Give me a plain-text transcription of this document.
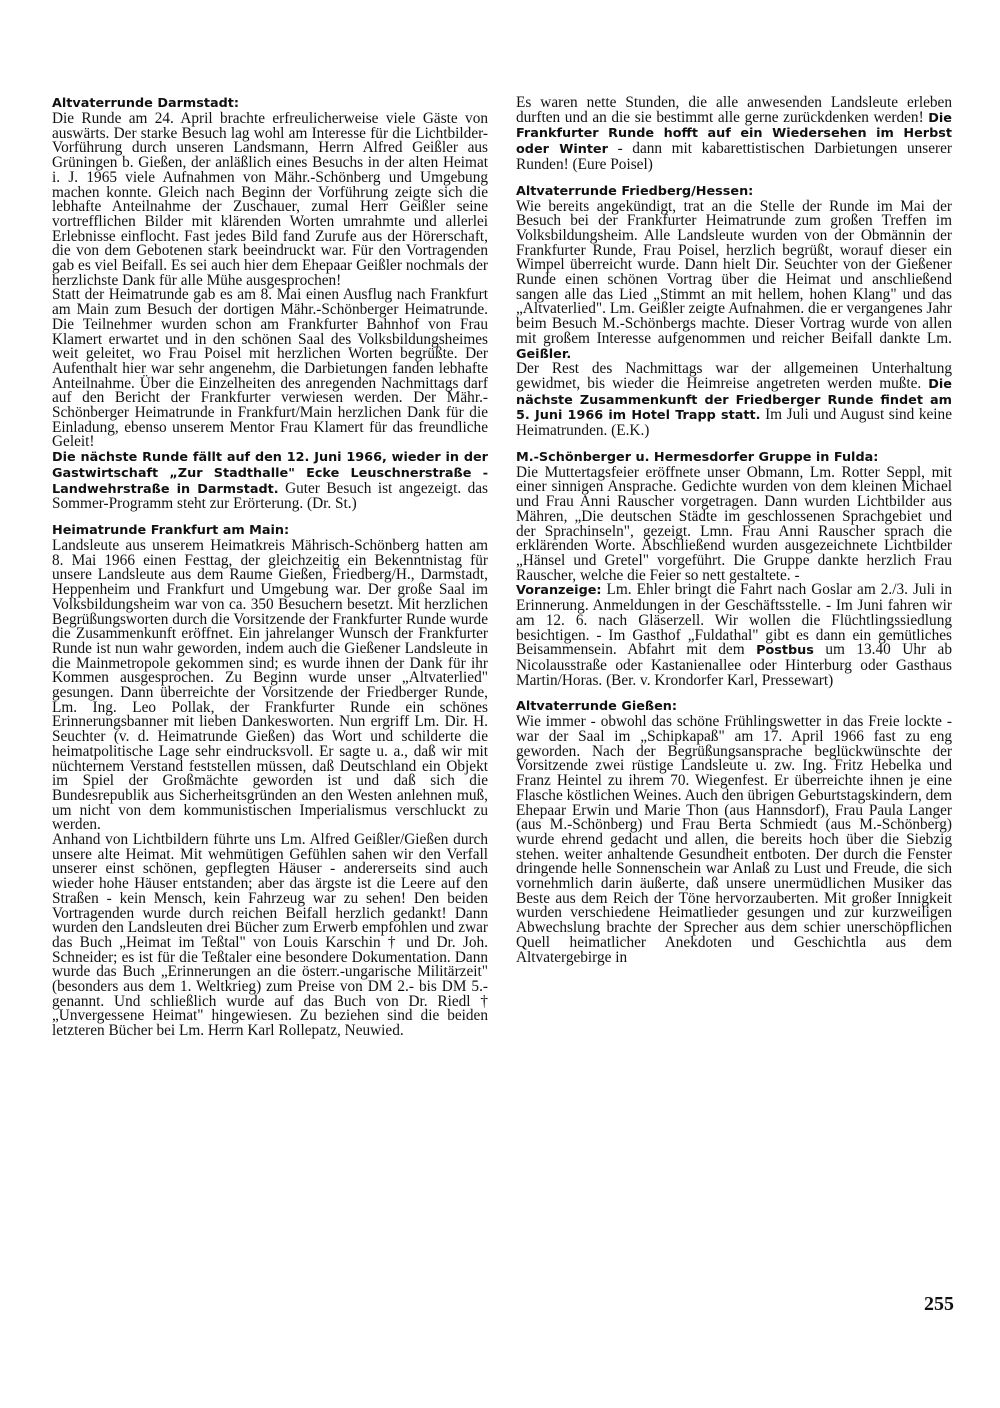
Altvaterrunde Darmstadt:

Die Runde am 24. April brachte erfreulicherweise viele Gäste von auswärts. Der starke Besuch lag wohl am Interesse für die Lichtbilder-Vorführung durch unseren Landsmann, Herrn Alfred Geißler aus Grüningen b. Gießen, der anläßlich eines Besuchs in der alten Heimat i. J. 1965 viele Aufnahmen von Mähr.-Schönberg und Umgebung machen konnte. Gleich nach Beginn der Vorführung zeigte sich die lebhafte Anteilnahme der Zuschauer, zumal Herr Geißler seine vortrefflichen Bilder mit klärenden Worten umrahmte und allerlei Erlebnisse einflocht. Fast jedes Bild fand Zurufe aus der Hörerschaft, die von dem Gebotenen stark beeindruckt war. Für den Vortragenden gab es viel Beifall. Es sei auch hier dem Ehepaar Geißler nochmals der herzlichste Dank für alle Mühe ausgesprochen!

Statt der Heimatrunde gab es am 8. Mai einen Ausflug nach Frankfurt am Main zum Besuch der dortigen Mähr.-Schönberger Heimatrunde. Die Teilnehmer wurden schon am Frankfurter Bahnhof von Frau Klamert erwartet und in den schönen Saal des Volksbildungsheimes weit geleitet, wo Frau Poisel mit herzlichen Worten begrüßte. Der Aufenthalt hier war sehr angenehm, die Darbietungen fanden lebhafte Anteilnahme. Über die Einzelheiten des anregenden Nachmittags darf auf den Bericht der Frankfurter verwiesen werden. Der Mähr.-Schönberger Heimatrunde in Frankfurt/Main herzlichen Dank für die Einladung, ebenso unserem Mentor Frau Klamert für das freundliche Geleit!

Die nächste Runde fällt auf den 12. Juni 1966, wieder in der Gastwirtschaft „Zur Stadthalle" Ecke Leuschnerstraße - Landwehrstraße in Darmstadt. Guter Besuch ist angezeigt. das Sommer-Programm steht zur Erörterung. (Dr. St.)

Heimatrunde Frankfurt am Main:

Landsleute aus unserem Heimatkreis Mährisch-Schönberg hatten am 8. Mai 1966 einen Festtag, der gleichzeitig ein Bekenntnistag für unsere Landsleute aus dem Raume Gießen, Friedberg/H., Darmstadt, Heppenheim und Frankfurt und Umgebung war. Der große Saal im Volksbildungsheim war von ca. 350 Besuchern besetzt. Mit herzlichen Begrüßungsworten durch die Vorsitzende der Frankfurter Runde wurde die Zusammenkunft eröffnet. Ein jahrelanger Wunsch der Frankfurter Runde ist nun wahr geworden, indem auch die Gießener Landsleute in die Mainmetropole gekommen sind; es wurde ihnen der Dank für ihr Kommen ausgesprochen. Zu Beginn wurde unser „Altvaterlied" gesungen. Dann überreichte der Vorsitzende der Friedberger Runde, Lm. Ing. Leo Pollak, der Frankfurter Runde ein schönes Erinnerungsbanner mit lieben Dankesworten. Nun ergriff Lm. Dir. H. Seuchter (v. d. Heimatrunde Gießen) das Wort und schilderte die heimatpolitische Lage sehr eindrucksvoll. Er sagte u. a., daß wir mit nüchternem Verstand feststellen müssen, daß Deutschland ein Objekt im Spiel der Großmächte geworden ist und daß sich die Bundesrepublik aus Sicherheitsgründen an den Westen anlehnen muß, um nicht von dem kommunistischen Imperialismus verschluckt zu werden.

Anhand von Lichtbildern führte uns Lm. Alfred Geißler/Gießen durch unsere alte Heimat. Mit wehmütigen Gefühlen sahen wir den Verfall unserer einst schönen, gepflegten Häuser - andererseits sind auch wieder hohe Häuser entstanden; aber das ärgste ist die Leere auf den Straßen - kein Mensch, kein Fahrzeug war zu sehen! Den beiden Vortragenden wurde durch reichen Beifall herzlich gedankt! Dann wurden den Landsleuten drei Bücher zum Erwerb empfohlen und zwar das Buch „Heimat im Teßtal" von Louis Karschin † und Dr. Joh. Schneider; es ist für die Teßtaler eine besondere Dokumentation. Dann wurde das Buch „Erinnerungen an die österr.-ungarische Militärzeit" (besonders aus dem 1. Weltkrieg) zum Preise von DM 2.- bis DM 5.- genannt. Und schließlich wurde auf das Buch von Dr. Riedl † „Unvergessene Heimat" hingewiesen. Zu beziehen sind die beiden letzteren Bücher bei Lm. Herrn Karl Rollepatz, Neuwied.

Es waren nette Stunden, die alle anwesenden Landsleute erleben durften und an die sie bestimmt alle gerne zurückdenken werden! Die Frankfurter Runde hofft auf ein Wiedersehen im Herbst oder Winter - dann mit kabarettistischen Darbietungen unserer Runden! (Eure Poisel)

Altvaterrunde Friedberg/Hessen:

Wie bereits angekündigt, trat an die Stelle der Runde im Mai der Besuch bei der Frankfurter Heimatrunde zum großen Treffen im Volksbildungsheim. Alle Landsleute wurden von der Obmännin der Frankfurter Runde, Frau Poisel, herzlich begrüßt, worauf dieser ein Wimpel überreicht wurde. Dann hielt Dir. Seuchter von der Gießener Runde einen schönen Vortrag über die Heimat und anschließend sangen alle das Lied „Stimmt an mit hellem, hohen Klang" und das „Altvaterlied". Lm. Geißler zeigte Aufnahmen. die er vergangenes Jahr beim Besuch M.-Schönbergs machte. Dieser Vortrag wurde von allen mit großem Interesse aufgenommen und reicher Beifall dankte Lm. Geißler.

Der Rest des Nachmittags war der allgemeinen Unterhaltung gewidmet, bis wieder die Heimreise angetreten werden mußte. Die nächste Zusammenkunft der Friedberger Runde findet am 5. Juni 1966 im Hotel Trapp statt. Im Juli und August sind keine Heimatrunden. (E.K.)

M.-Schönberger u. Hermesdorfer Gruppe in Fulda:

Die Muttertagsfeier eröffnete unser Obmann, Lm. Rotter Seppl, mit einer sinnigen Ansprache. Gedichte wurden von dem kleinen Michael und Frau Anni Rauscher vorgetragen. Dann wurden Lichtbilder aus Mähren, „Die deutschen Städte im geschlossenen Sprachgebiet und der Sprachinseln", gezeigt. Lmn. Frau Anni Rauscher sprach die erklärenden Worte. Abschließend wurden ausgezeichnete Lichtbilder „Hänsel und Gretel" vorgeführt. Die Gruppe dankte herzlich Frau Rauscher, welche die Feier so nett gestaltete. -

Voranzeige: Lm. Ehler bringt die Fahrt nach Goslar am 2./3. Juli in Erinnerung. Anmeldungen in der Geschäftsstelle. - Im Juni fahren wir am 12. 6. nach Gläserzell. Wir wollen die Flüchtlingssiedlung besichtigen. - Im Gasthof „Fuldathal" gibt es dann ein gemütliches Beisammensein. Abfahrt mit dem Postbus um 13.40 Uhr ab Nicolausstraße oder Kastanienallee oder Hinterburg oder Gasthaus Martin/Horas. (Ber. v. Krondorfer Karl, Pressewart)

Altvaterrunde Gießen:

Wie immer - obwohl das schöne Frühlingswetter in das Freie lockte - war der Saal im „Schipkapaß" am 17. April 1966 fast zu eng geworden. Nach der Begrüßungsansprache beglückwünschte der Vorsitzende zwei rüstige Landsleute u. zw. Ing. Fritz Hebelka und Franz Heintel zu ihrem 70. Wiegenfest. Er überreichte ihnen je eine Flasche köstlichen Weines. Auch den übrigen Geburtstagskindern, dem Ehepaar Erwin und Marie Thon (aus Hannsdorf), Frau Paula Langer (aus M.-Schönberg) und Frau Berta Schmiedt (aus M.-Schönberg) wurde ehrend gedacht und allen, die bereits hoch über die Siebzig stehen. weiter anhaltende Gesundheit entboten. Der durch die Fenster dringende helle Sonnenschein war Anlaß zu Lust und Freude, die sich vornehmlich darin äußerte, daß unsere unermüdlichen Musiker das Beste aus dem Reich der Töne hervorzauberten. Mit großer Innigkeit wurden verschiedene Heimatlieder gesungen und zur kurzweiligen Abwechslung brachte der Sprecher aus dem schier unerschöpflichen Quell heimatlicher Anekdoten und Geschichtla aus dem Altvatergebirge in

255
